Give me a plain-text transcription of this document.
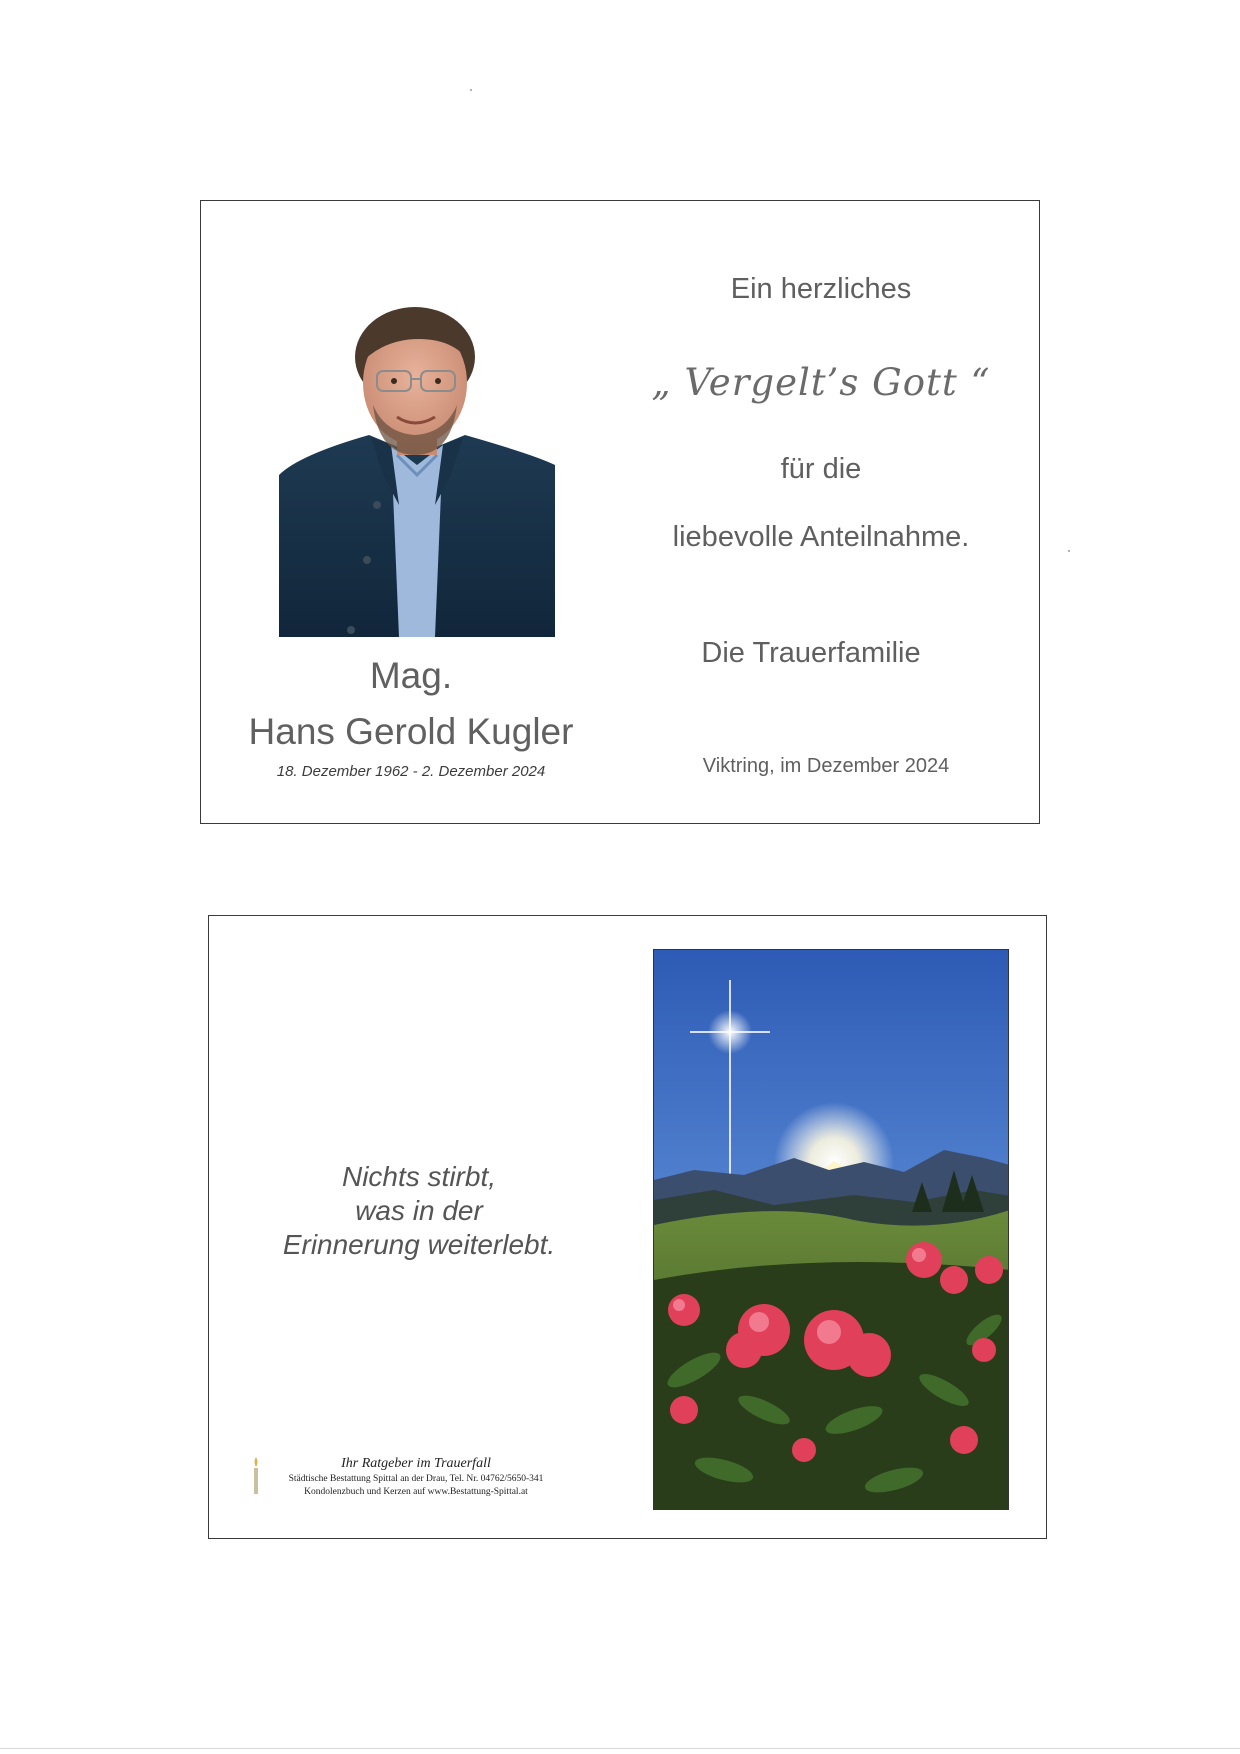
Mag.
Hans Gerold Kugler
18. Dezember 1962 - 2. Dezember 2024
Ein herzliches
„ Vergelt’s Gott “
für die
liebevolle Anteilnahme.
Die Trauerfamilie
Viktring, im Dezember 2024
Nichts stirbt,
was in der
Erinnerung weiterlebt.
Ihr Ratgeber im Trauerfall
Städtische Bestattung Spittal an der Drau, Tel. Nr. 04762/5650-341
Kondolenzbuch und Kerzen auf www.Bestattung-Spittal.at
